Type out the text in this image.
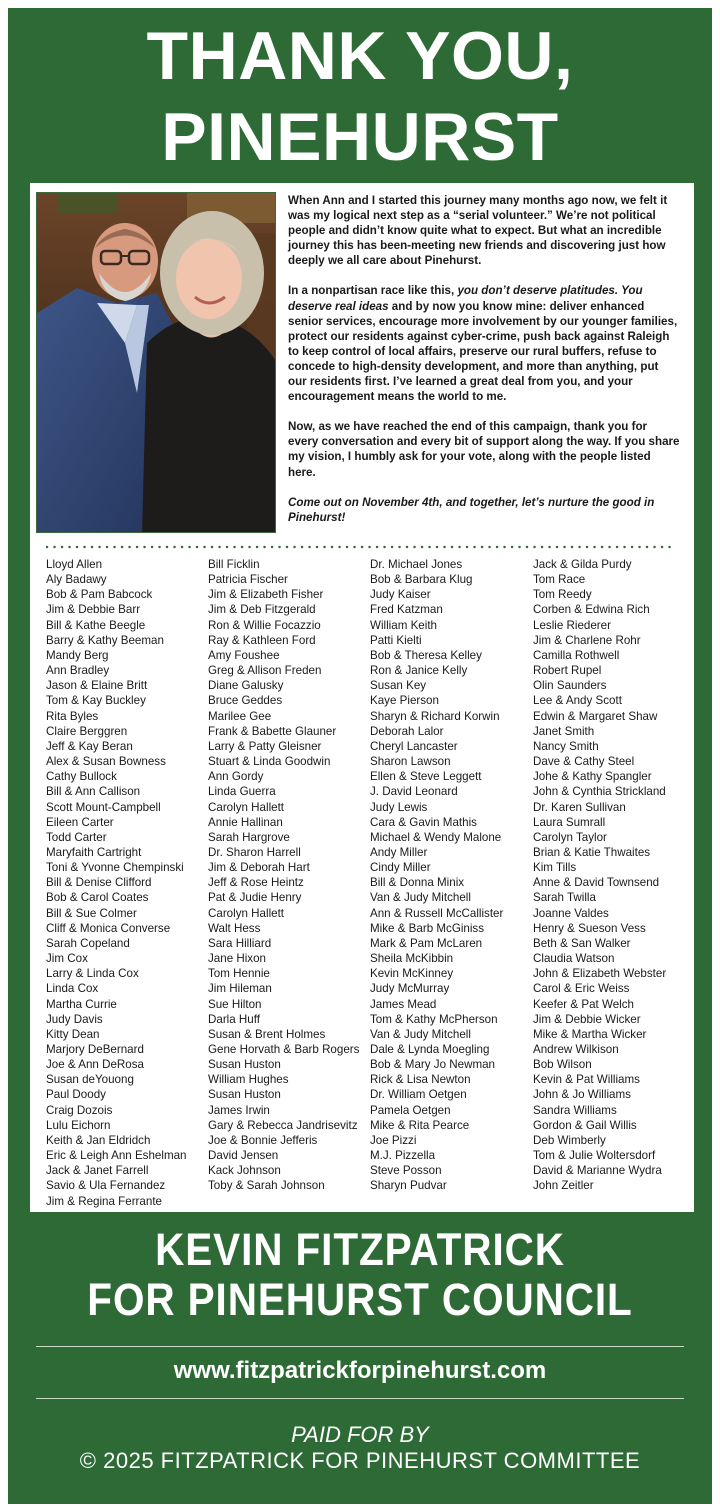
THANK YOU,
PINEHURST

When Ann and I started this journey many months ago now, we felt it was my logical next step as a “serial volunteer.” We’re not political people and didn’t know quite what to expect. But what an incredible journey this has been-meeting new friends and discovering just how deeply we all care about Pinehurst.

In a nonpartisan race like this, you don’t deserve platitudes. You deserve real ideas and by now you know mine: deliver enhanced senior services, encourage more involvement by our younger families, protect our residents against cyber-crime, push back against Raleigh to keep control of local affairs, preserve our rural buffers, refuse to concede to high-density development, and more than anything, put our residents first. I’ve learned a great deal from you, and your encouragement means the world to me.

Now, as we have reached the end of this campaign, thank you for every conversation and every bit of support along the way. If you share my vision, I humbly ask for your vote, along with the people listed here.

Come out on November 4th, and together, let’s nurture the good in Pinehurst!

Lloyd Allen
Aly Badawy
Bob & Pam Babcock
Jim & Debbie Barr
Bill & Kathe Beegle
Barry & Kathy Beeman
Mandy Berg
Ann Bradley
Jason & Elaine Britt
Tom & Kay Buckley
Rita Byles
Claire Berggren
Jeff & Kay Beran
Alex & Susan Bowness
Cathy Bullock
Bill & Ann Callison
Scott Mount-Campbell
Eileen Carter
Todd Carter
Maryfaith Cartright
Toni & Yvonne Chempinski
Bill & Denise Clifford
Bob & Carol Coates
Bill & Sue Colmer
Cliff & Monica Converse
Sarah Copeland
Jim Cox
Larry & Linda Cox
Linda Cox
Martha Currie
Judy Davis
Kitty Dean
Marjory DeBernard
Joe & Ann DeRosa
Susan deYouong
Paul Doody
Craig Dozois
Lulu Eichorn
Keith & Jan Eldridch
Eric & Leigh Ann Eshelman
Jack & Janet Farrell
Savio & Ula Fernandez
Jim & Regina Ferrante
Bill Ficklin
Patricia Fischer
Jim & Elizabeth Fisher
Jim & Deb Fitzgerald
Ron & Willie Focazzio
Ray & Kathleen Ford
Amy Foushee
Greg & Allison Freden
Diane Galusky
Bruce Geddes
Marilee Gee
Frank & Babette Glauner
Larry & Patty Gleisner
Stuart & Linda Goodwin
Ann Gordy
Linda Guerra
Carolyn Hallett
Annie Hallinan
Sarah Hargrove
Dr. Sharon Harrell
Jim & Deborah Hart
Jeff & Rose Heintz
Pat & Judie Henry
Carolyn Hallett
Walt Hess
Sara Hilliard
Jane Hixon
Tom Hennie
Jim Hileman
Sue Hilton
Darla Huff
Susan & Brent Holmes
Gene Horvath & Barb Rogers
Susan Huston
William Hughes
Susan Huston
James Irwin
Gary & Rebecca Jandrisevitz
Joe & Bonnie Jefferis
David Jensen
Kack Johnson
Toby & Sarah Johnson
Dr. Michael Jones
Bob & Barbara Klug
Judy Kaiser
Fred Katzman
William Keith
Patti Kielti
Bob & Theresa Kelley
Ron & Janice Kelly
Susan Key
Kaye Pierson
Sharyn & Richard Korwin
Deborah Lalor
Cheryl Lancaster
Sharon Lawson
Ellen & Steve Leggett
J. David Leonard
Judy Lewis
Cara & Gavin Mathis
Michael & Wendy Malone
Andy Miller
Cindy Miller
Bill & Donna Minix
Van & Judy Mitchell
Ann & Russell McCallister
Mike & Barb McGiniss
Mark & Pam McLaren
Sheila McKibbin
Kevin McKinney
Judy McMurray
James Mead
Tom & Kathy McPherson
Van & Judy Mitchell
Dale & Lynda Moegling
Bob & Mary Jo Newman
Rick & Lisa Newton
Dr. William Oetgen
Pamela Oetgen
Mike & Rita Pearce
Joe Pizzi
M.J. Pizzella
Steve Posson
Sharyn Pudvar
Jack & Gilda Purdy
Tom Race
Tom Reedy
Corben & Edwina Rich
Leslie Riederer
Jim & Charlene Rohr
Camilla Rothwell
Robert Rupel
Olin Saunders
Lee & Andy Scott
Edwin & Margaret Shaw
Janet Smith
Nancy Smith
Dave & Cathy Steel
Johe & Kathy Spangler
John & Cynthia Strickland
Dr. Karen Sullivan
Laura Sumrall
Carolyn Taylor
Brian & Katie Thwaites
Kim Tills
Anne & David Townsend
Sarah Twilla
Joanne Valdes
Henry & Sueson Vess
Beth & San Walker
Claudia Watson
John & Elizabeth Webster
Carol & Eric Weiss
Keefer & Pat Welch
Jim & Debbie Wicker
Mike & Martha Wicker
Andrew Wilkison
Bob Wilson
Kevin & Pat Williams
John & Jo Williams
Sandra Williams
Gordon & Gail Willis
Deb Wimberly
Tom & Julie Woltersdorf
David & Marianne Wydra
John Zeitler
KEVIN FITZPATRICK
FOR PINEHURST COUNCIL
www.fitzpatrickforpinehurst.com
PAID FOR BY
© 2025 FITZPATRICK FOR PINEHURST COMMITTEE
